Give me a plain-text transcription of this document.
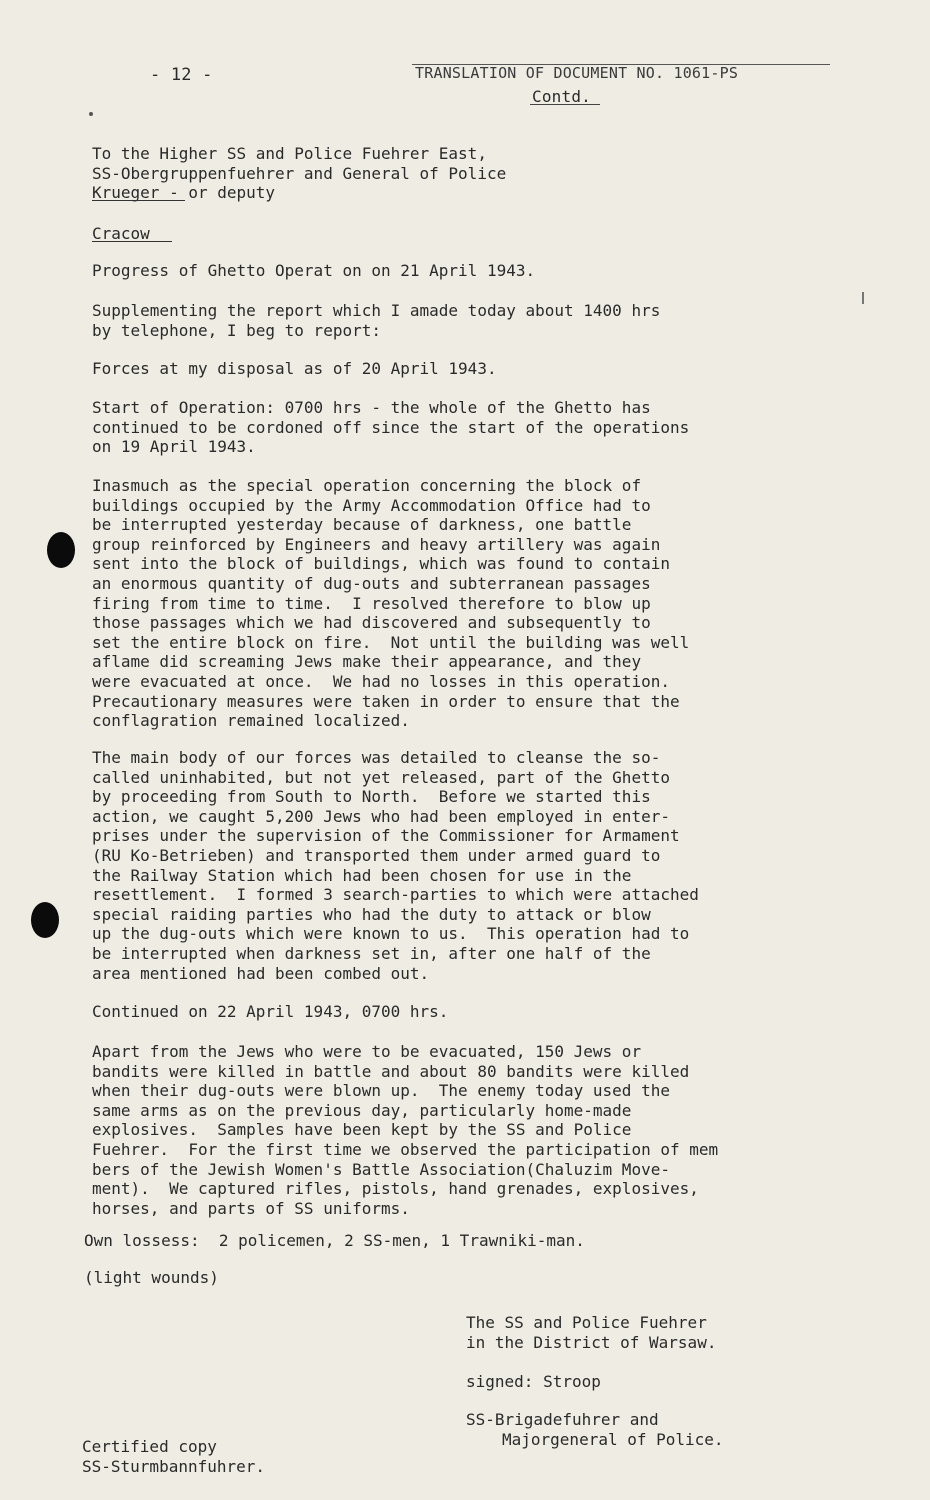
- 12 -	TRANSLATION OF DOCUMENT NO. 1061-PS
Contd.
To the Higher SS and Police Fuehrer East,
SS-Obergruppenfuehrer and General of Police
Krueger - or deputy
Cracow
Progress of Ghetto Operat on on 21 April 1943.
Supplementing the report which I amade today about 1400 hrs
by telephone, I beg to report:
Forces at my disposal as of 20 April 1943.
Start of Operation: 0700 hrs - the whole of the Ghetto has
continued to be cordoned off since the start of the operations
on 19 April 1943.
Inasmuch as the special operation concerning the block of
buildings occupied by the Army Accommodation Office had to
be interrupted yesterday because of darkness, one battle
group reinforced by Engineers and heavy artillery was again
sent into the block of buildings, which was found to contain
an enormous quantity of dug-outs and subterranean passages
firing from time to time.  I resolved therefore to blow up
those passages which we had discovered and subsequently to
set the entire block on fire.  Not until the building was well
aflame did screaming Jews make their appearance, and they
were evacuated at once.  We had no losses in this operation.
Precautionary measures were taken in order to ensure that the
conflagration remained localized.
The main body of our forces was detailed to cleanse the so-
called uninhabited, but not yet released, part of the Ghetto
by proceeding from South to North.  Before we started this
action, we caught 5,200 Jews who had been employed in enter-
prises under the supervision of the Commissioner for Armament
(RU Ko-Betrieben) and transported them under armed guard to
the Railway Station which had been chosen for use in the
resettlement.  I formed 3 search-parties to which were attached
special raiding parties who had the duty to attack or blow
up the dug-outs which were known to us.  This operation had to
be interrupted when darkness set in, after one half of the
area mentioned had been combed out.
Continued on 22 April 1943, 0700 hrs.
Apart from the Jews who were to be evacuated, 150 Jews or
bandits were killed in battle and about 80 bandits were killed
when their dug-outs were blown up.  The enemy today used the
same arms as on the previous day, particularly home-made
explosives.  Samples have been kept by the SS and Police
Fuehrer.  For the first time we observed the participation of mem
bers of the Jewish Women's Battle Association(Chaluzim Move-
ment).  We captured rifles, pistols, hand grenades, explosives,
horses, and parts of SS uniforms.
Own lossess:  2 policemen, 2 SS-men, 1 Trawniki-man.
(light wounds)
The SS and Police Fuehrer
in the District of Warsaw.
signed: Stroop
SS-Brigadefuhrer and
Majorgeneral of Police.
Certified copy
SS-Sturmbannfuhrer.
